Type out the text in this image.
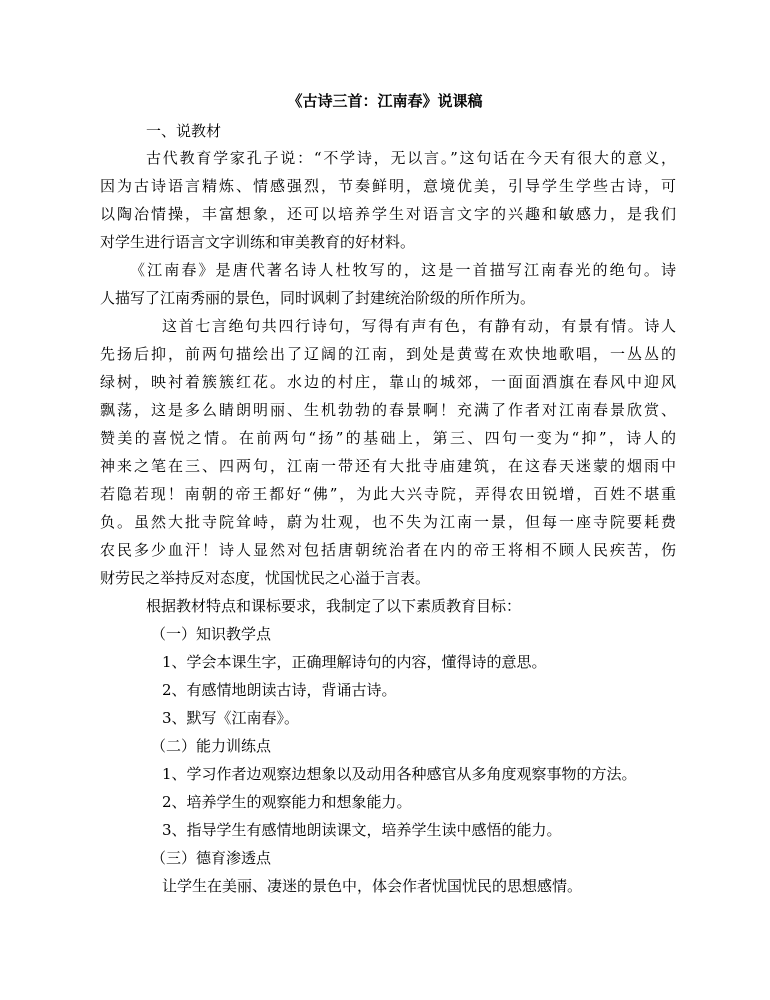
《古诗三首：江南春》说课稿
一、说教材
古代教育学家孔子说：“不学诗，无以言。”这句话在今天有很大的意义，
因为古诗语言精炼、情感强烈，节奏鲜明，意境优美，引导学生学些古诗，可
以陶冶情操，丰富想象，还可以培养学生对语言文字的兴趣和敏感力，是我们
对学生进行语言文字训练和审美教育的好材料。
《江南春》是唐代著名诗人杜牧写的，这是一首描写江南春光的绝句。诗
人描写了江南秀丽的景色，同时讽刺了封建统治阶级的所作所为。
这首七言绝句共四行诗句，写得有声有色，有静有动，有景有情。诗人
先扬后抑，前两句描绘出了辽阔的江南，到处是黄莺在欢快地歌唱，一丛丛的
绿树，映衬着簇簇红花。水边的村庄，靠山的城郊，一面面酒旗在春风中迎风
飘荡，这是多么睛朗明丽、生机勃勃的春景啊！充满了作者对江南春景欣赏、
赞美的喜悦之情。在前两句“扬”的基础上，第三、四句一变为“抑”，诗人的
神来之笔在三、四两句，江南一带还有大批寺庙建筑，在这春天迷蒙的烟雨中
若隐若现！南朝的帝王都好“佛”，为此大兴寺院，弄得农田锐增，百姓不堪重
负。虽然大批寺院耸峙，蔚为壮观，也不失为江南一景，但每一座寺院要耗费
农民多少血汗！诗人显然对包括唐朝统治者在内的帝王将相不顾人民疾苦，伤
财劳民之举持反对态度，忧国忧民之心溢于言表。
根据教材特点和课标要求，我制定了以下素质教育目标：
（一）知识教学点
1、学会本课生字，正确理解诗句的内容，懂得诗的意思。
2、有感情地朗读古诗，背诵古诗。
3、默写《江南春》。
（二）能力训练点
1、学习作者边观察边想象以及动用各种感官从多角度观察事物的方法。
2、培养学生的观察能力和想象能力。
3、指导学生有感情地朗读课文，培养学生读中感悟的能力。
（三）德育渗透点
让学生在美丽、凄迷的景色中，体会作者忧国忧民的思想感情。
